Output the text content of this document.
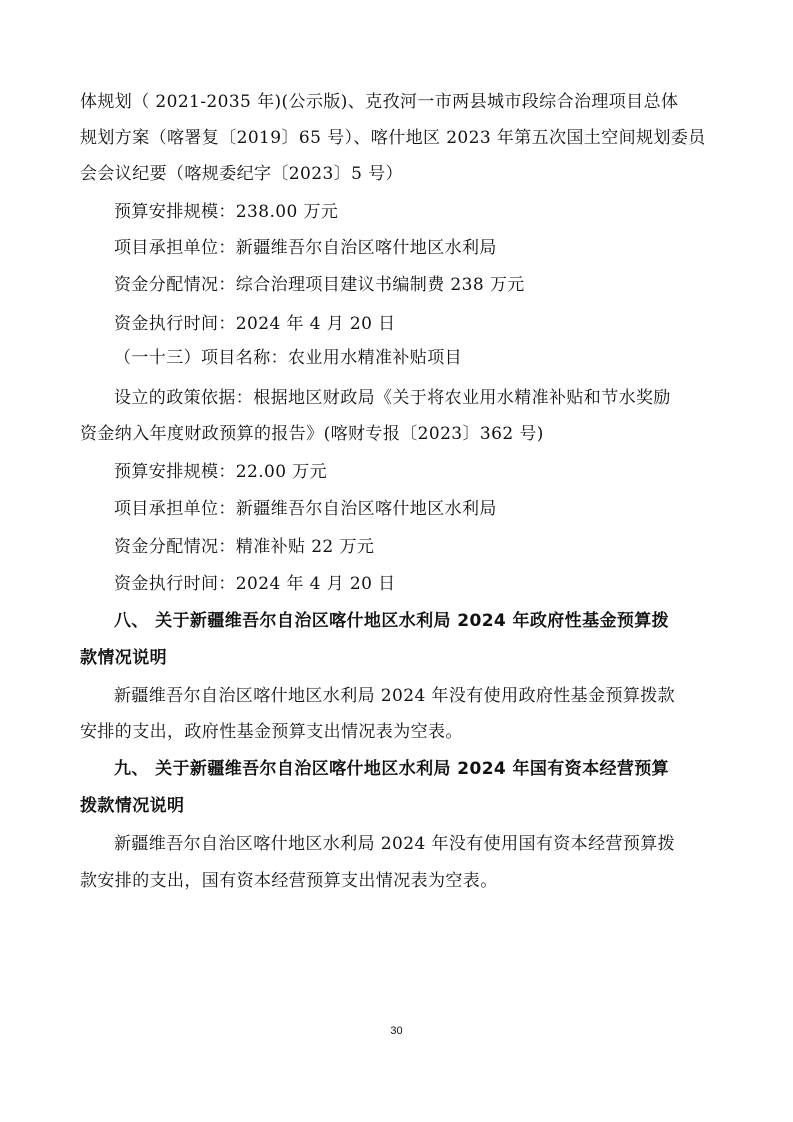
体规划（ 2021-2035 年)(公示版)、克孜河一市两县城市段综合治理项目总体
规划方案（喀署复〔2019〕65 号）、喀什地区 2023 年第五次国土空间规划委员
会会议纪要（喀规委纪字〔2023〕5 号）
预算安排规模：238.00 万元
项目承担单位：新疆维吾尔自治区喀什地区水利局
资金分配情况：综合治理项目建议书编制费 238 万元
资金执行时间：2024 年 4 月 20 日
（一十三）项目名称：农业用水精准补贴项目
设立的政策依据：根据地区财政局《关于将农业用水精准补贴和节水奖励
资金纳入年度财政预算的报告》(喀财专报〔2023〕362 号)
预算安排规模：22.00 万元
项目承担单位：新疆维吾尔自治区喀什地区水利局
资金分配情况：精准补贴 22 万元
资金执行时间：2024 年 4 月 20 日
八、 关于新疆维吾尔自治区喀什地区水利局 2024 年政府性基金预算拨
款情况说明
新疆维吾尔自治区喀什地区水利局 2024 年没有使用政府性基金预算拨款
安排的支出，政府性基金预算支出情况表为空表。
九、 关于新疆维吾尔自治区喀什地区水利局 2024 年国有资本经营预算
拨款情况说明
新疆维吾尔自治区喀什地区水利局 2024 年没有使用国有资本经营预算拨
款安排的支出，国有资本经营预算支出情况表为空表。
30
